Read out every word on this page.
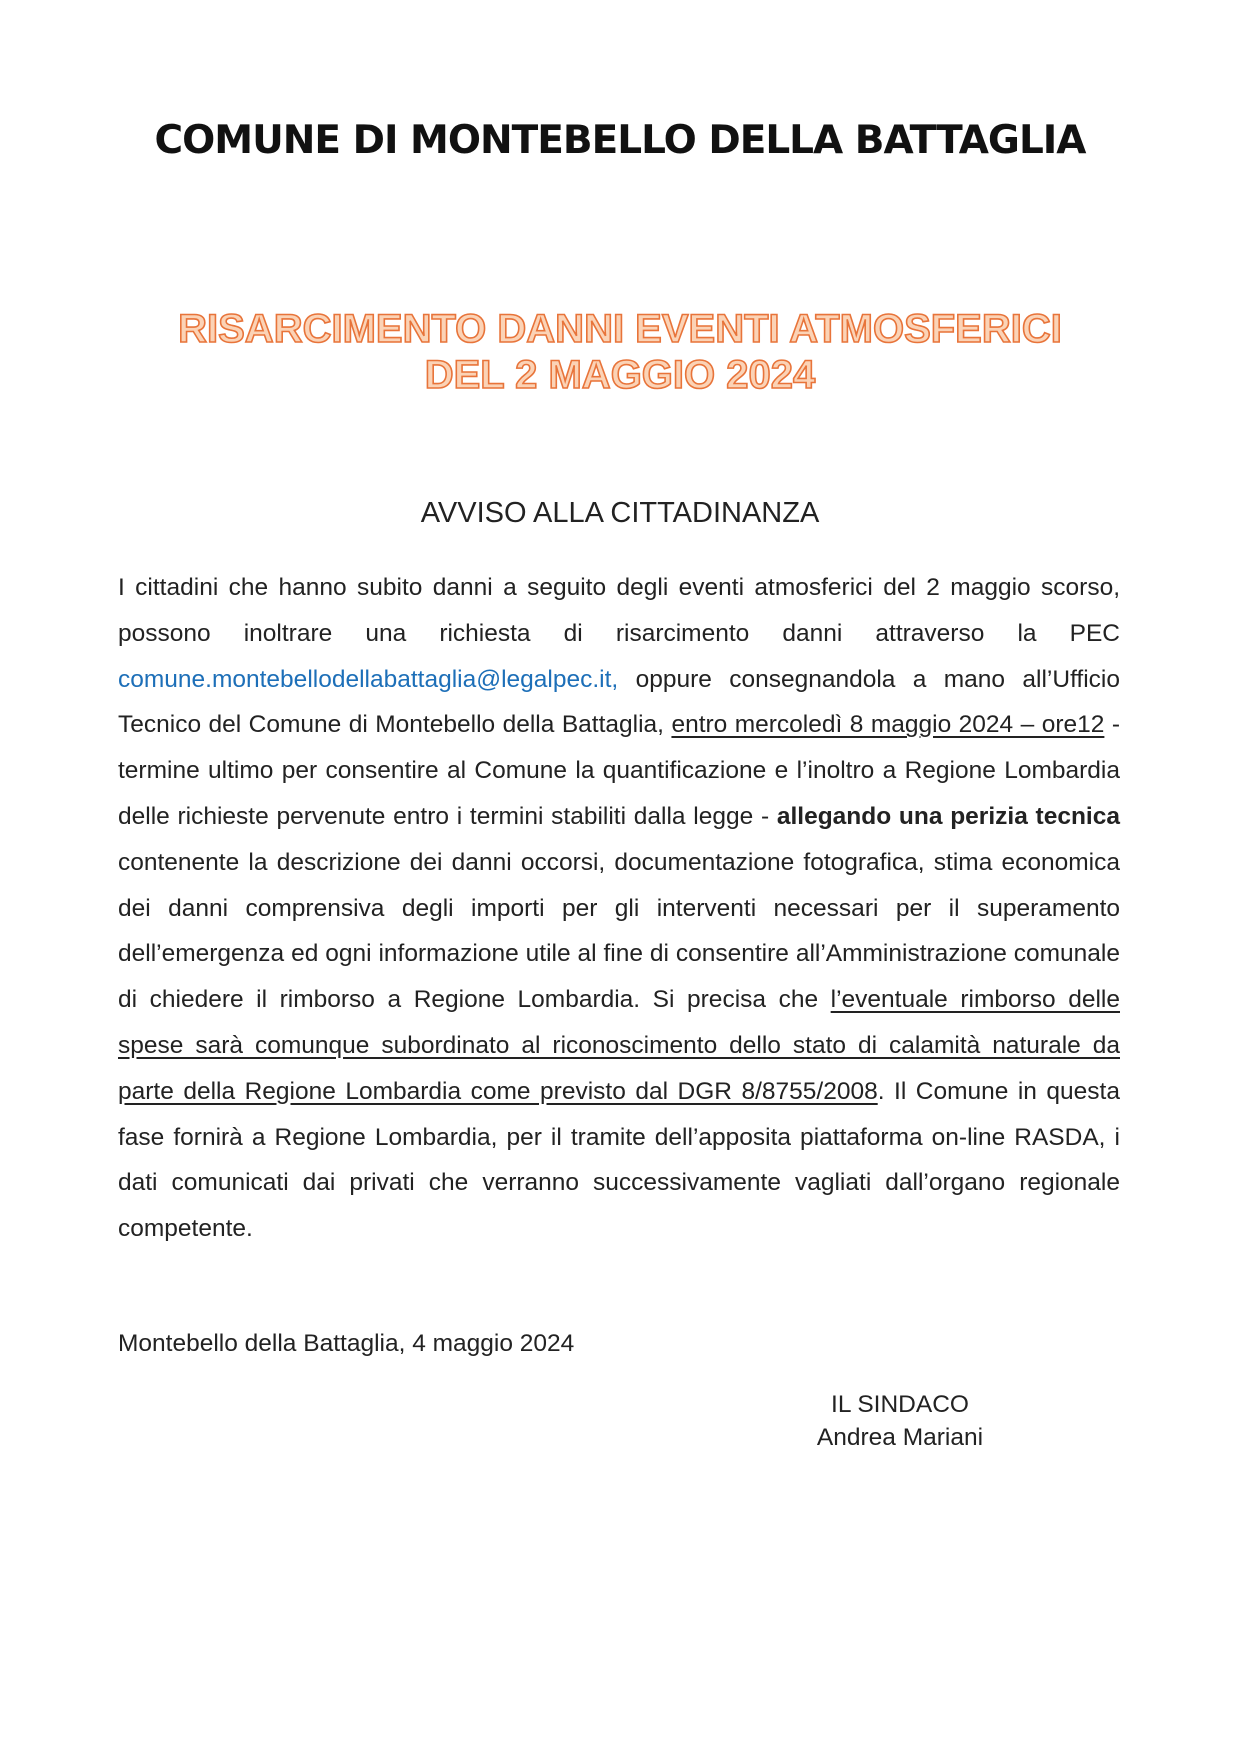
COMUNE DI MONTEBELLO DELLA BATTAGLIA
RISARCIMENTO DANNI EVENTI ATMOSFERICI
DEL 2 MAGGIO 2024
AVVISO ALLA CITTADINANZA
I cittadini che hanno subito danni a seguito degli eventi atmosferici del 2 maggio scorso, possono inoltrare una richiesta di risarcimento danni attraverso la PEC comune.montebellodellabattaglia@legalpec.it, oppure consegnandola a mano all’Ufficio Tecnico del Comune di Montebello della Battaglia, entro mercoledì 8 maggio 2024 – ore12 - termine ultimo per consentire al Comune la quantificazione e l’inoltro a Regione Lombardia delle richieste pervenute entro i termini stabiliti dalla legge - allegando una perizia tecnica contenente la descrizione dei danni occorsi, documentazione fotografica, stima economica dei danni comprensiva degli importi per gli interventi necessari per il superamento dell’emergenza ed ogni informazione utile al fine di consentire all’Amministrazione comunale di chiedere il rimborso a Regione Lombardia. Si precisa che l’eventuale rimborso delle spese sarà comunque subordinato al riconoscimento dello stato di calamità naturale da parte della Regione Lombardia come previsto dal DGR 8/8755/2008. Il Comune in questa fase fornirà a Regione Lombardia, per il tramite dell’apposita piattaforma on-line RASDA, i dati comunicati dai privati che verranno successivamente vagliati dall’organo regionale competente.
Montebello della Battaglia, 4 maggio 2024
IL SINDACO
Andrea Mariani
